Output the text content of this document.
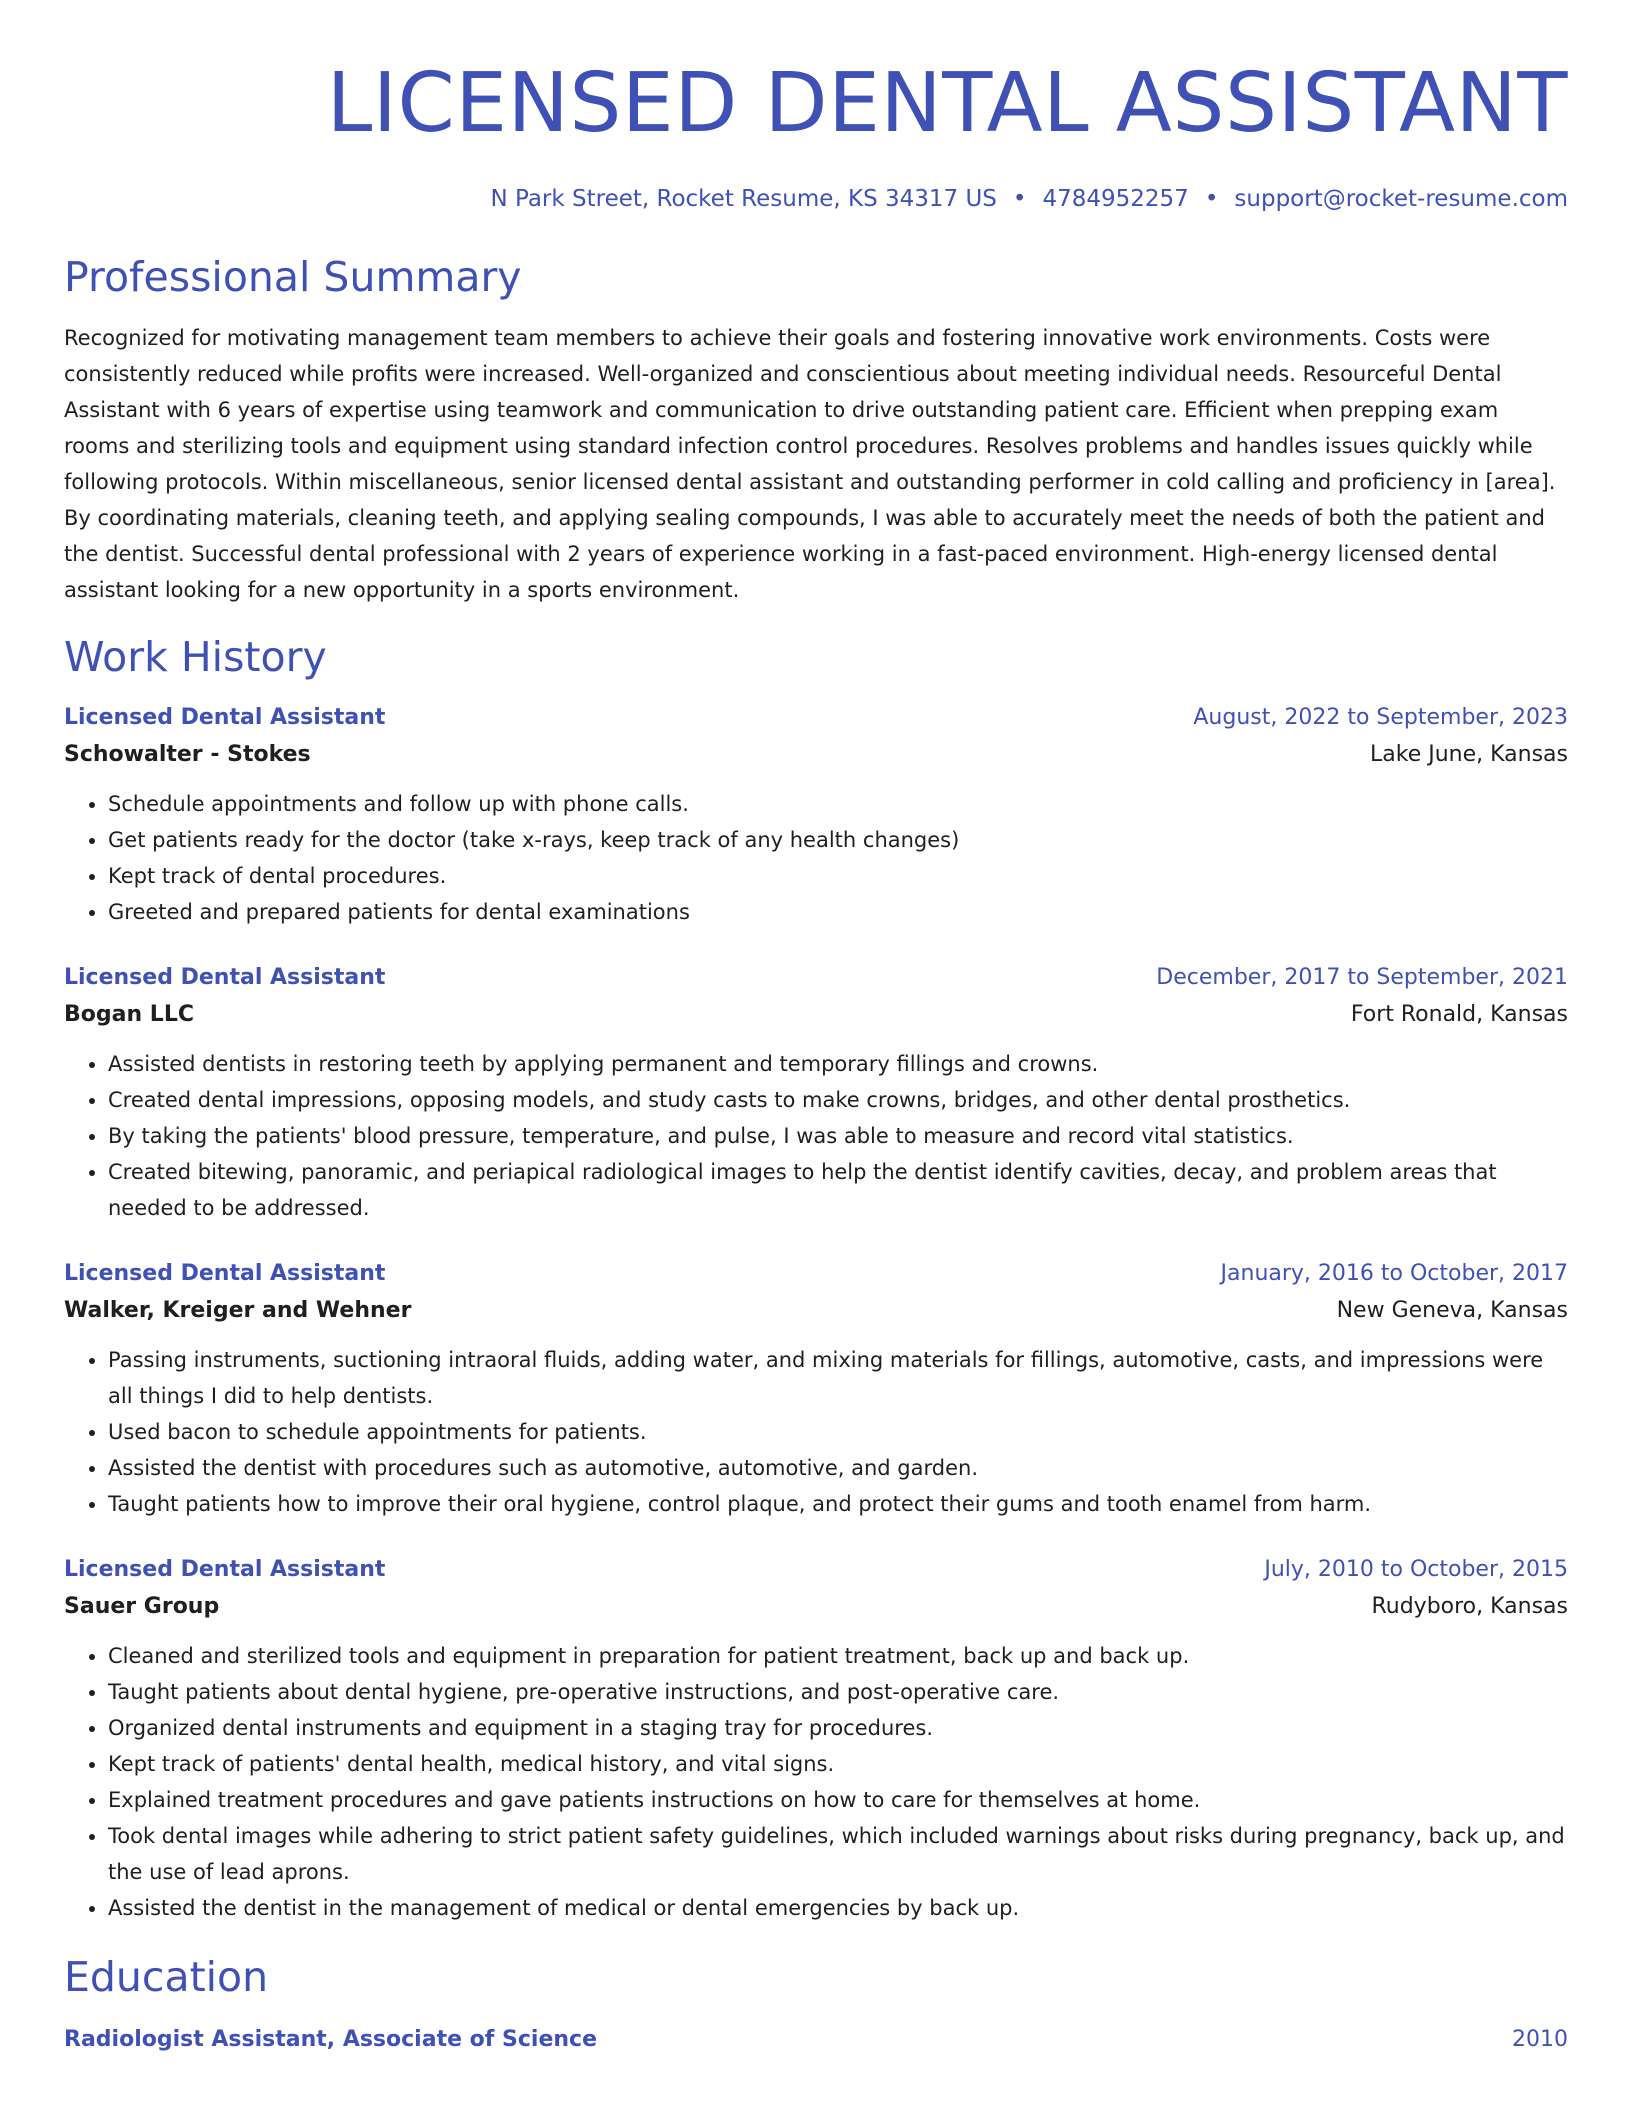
LICENSED DENTAL ASSISTANT
N Park Street, Rocket Resume, KS 34317 US • 4784952257 • support@rocket-resume.com
Professional Summary
Recognized for motivating management team members to achieve their goals and fostering innovative work environments. Costs were consistently reduced while profits were increased. Well-organized and conscientious about meeting individual needs. Resourceful Dental Assistant with 6 years of expertise using teamwork and communication to drive outstanding patient care. Efficient when prepping exam rooms and sterilizing tools and equipment using standard infection control procedures. Resolves problems and handles issues quickly while following protocols. Within miscellaneous, senior licensed dental assistant and outstanding performer in cold calling and proficiency in [area]. By coordinating materials, cleaning teeth, and applying sealing compounds, I was able to accurately meet the needs of both the patient and the dentist. Successful dental professional with 2 years of experience working in a fast-paced environment. High-energy licensed dental assistant looking for a new opportunity in a sports environment.
Work History
Licensed Dental Assistant	August, 2022 to September, 2023
Schowalter - Stokes	Lake June, Kansas
• Schedule appointments and follow up with phone calls.
• Get patients ready for the doctor (take x-rays, keep track of any health changes)
• Kept track of dental procedures.
• Greeted and prepared patients for dental examinations
Licensed Dental Assistant	December, 2017 to September, 2021
Bogan LLC	Fort Ronald, Kansas
• Assisted dentists in restoring teeth by applying permanent and temporary fillings and crowns.
• Created dental impressions, opposing models, and study casts to make crowns, bridges, and other dental prosthetics.
• By taking the patients' blood pressure, temperature, and pulse, I was able to measure and record vital statistics.
• Created bitewing, panoramic, and periapical radiological images to help the dentist identify cavities, decay, and problem areas that needed to be addressed.
Licensed Dental Assistant	January, 2016 to October, 2017
Walker, Kreiger and Wehner	New Geneva, Kansas
• Passing instruments, suctioning intraoral fluids, adding water, and mixing materials for fillings, automotive, casts, and impressions were all things I did to help dentists.
• Used bacon to schedule appointments for patients.
• Assisted the dentist with procedures such as automotive, automotive, and garden.
• Taught patients how to improve their oral hygiene, control plaque, and protect their gums and tooth enamel from harm.
Licensed Dental Assistant	July, 2010 to October, 2015
Sauer Group	Rudyboro, Kansas
• Cleaned and sterilized tools and equipment in preparation for patient treatment, back up and back up.
• Taught patients about dental hygiene, pre-operative instructions, and post-operative care.
• Organized dental instruments and equipment in a staging tray for procedures.
• Kept track of patients' dental health, medical history, and vital signs.
• Explained treatment procedures and gave patients instructions on how to care for themselves at home.
• Took dental images while adhering to strict patient safety guidelines, which included warnings about risks during pregnancy, back up, and the use of lead aprons.
• Assisted the dentist in the management of medical or dental emergencies by back up.
Education
Radiologist Assistant, Associate of Science	2010
